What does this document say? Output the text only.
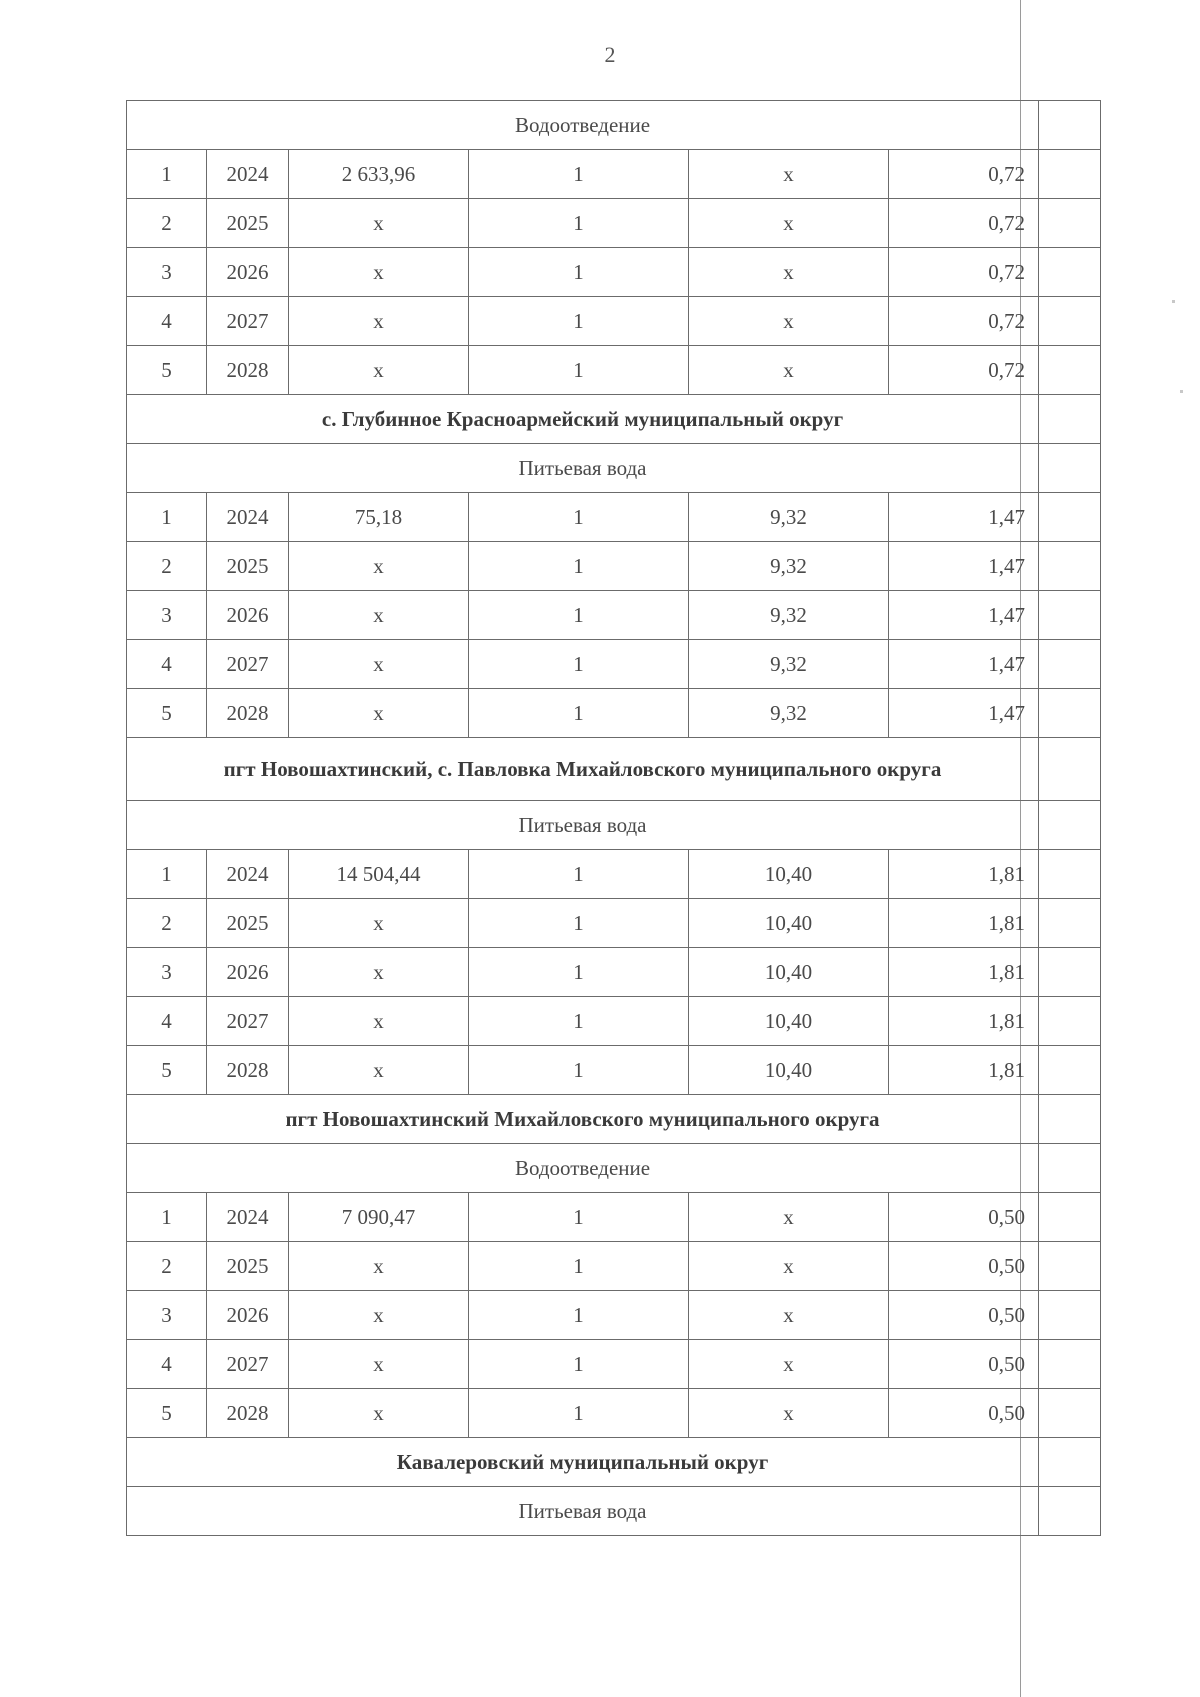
2
Водоотведение						
1	2024	2 633,96	1	х	0,72	
2	2025	х	1	х	0,72	
3	2026	х	1	х	0,72	
4	2027	х	1	х	0,72	
5	2028	х	1	х	0,72	
с. Глубинное Красноармейский муниципальный округ						
Питьевая вода						
1	2024	75,18	1	9,32	1,47	
2	2025	х	1	9,32	1,47	
3	2026	х	1	9,32	1,47	
4	2027	х	1	9,32	1,47	
5	2028	х	1	9,32	1,47	
пгт Новошахтинский, с. Павловка Михайловского муниципального округа						
Питьевая вода						
1	2024	14 504,44	1	10,40	1,81	
2	2025	х	1	10,40	1,81	
3	2026	х	1	10,40	1,81	
4	2027	х	1	10,40	1,81	
5	2028	х	1	10,40	1,81	
пгт Новошахтинский Михайловского муниципального округа						
Водоотведение						
1	2024	7 090,47	1	х	0,50	
2	2025	х	1	х	0,50	
3	2026	х	1	х	0,50	
4	2027	х	1	х	0,50	
5	2028	х	1	х	0,50	
Кавалеровский муниципальный округ						
Питьевая вода						
